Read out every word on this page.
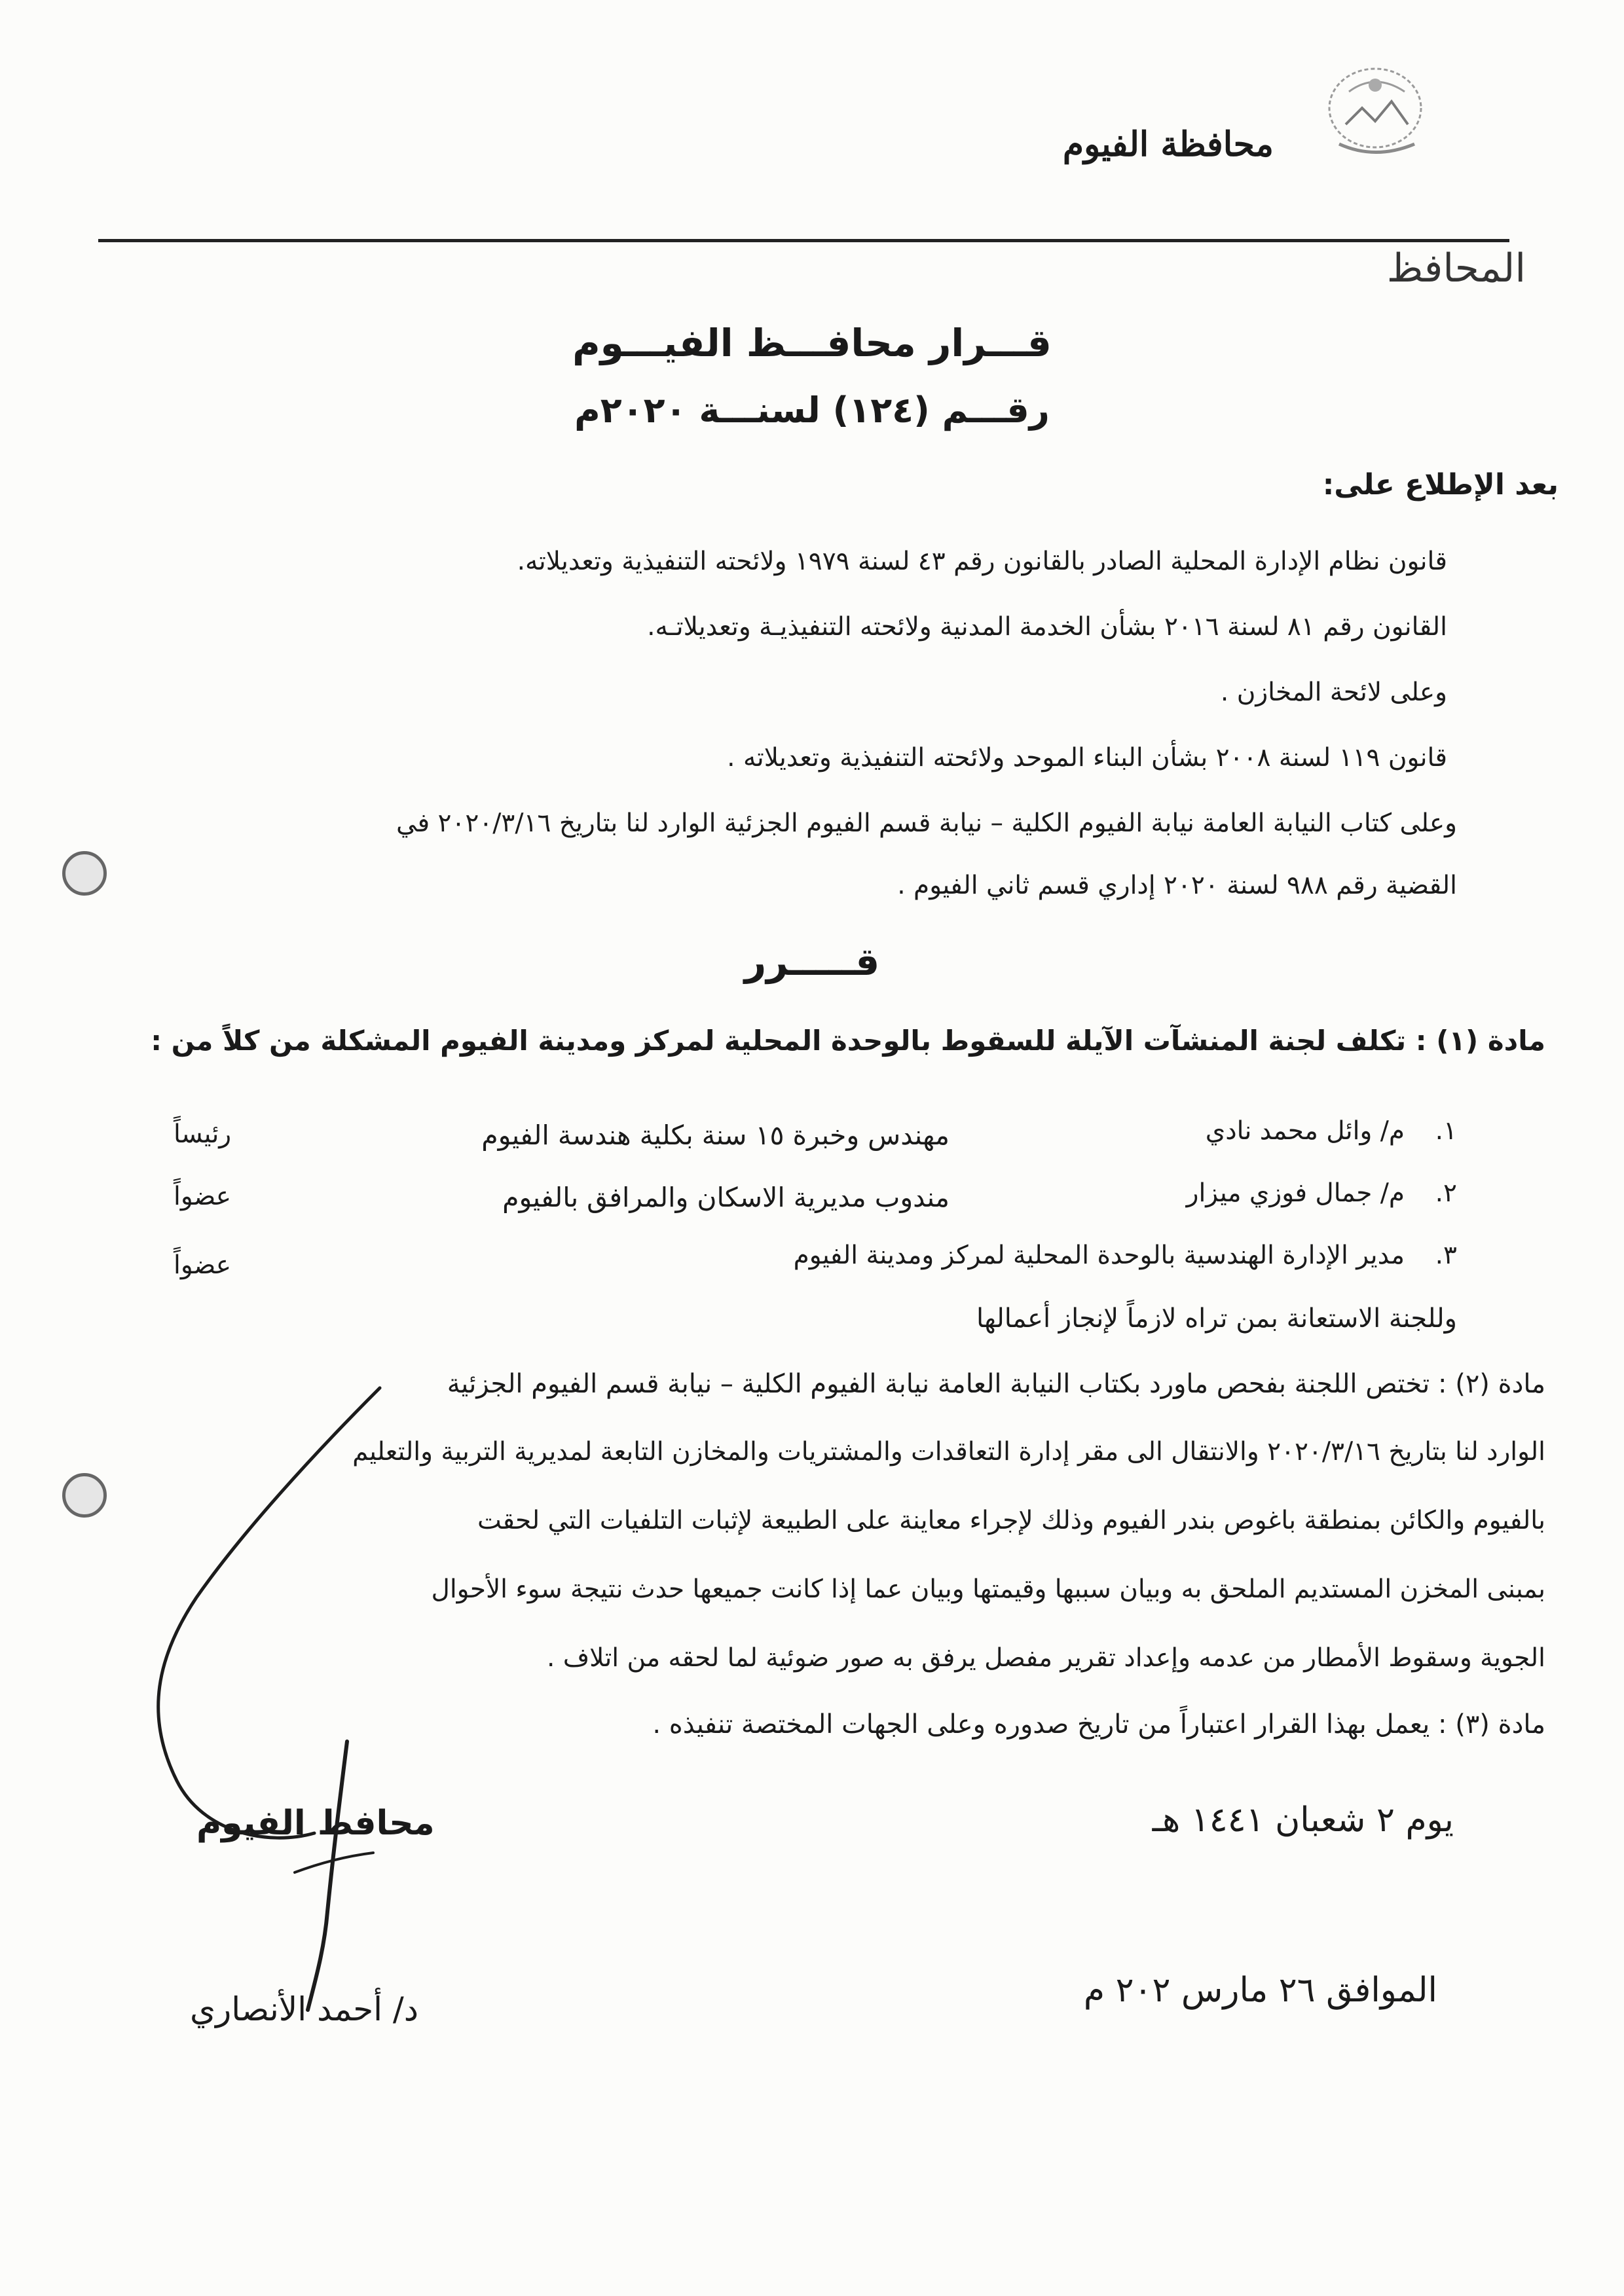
محافظة الفيوم
المحافظ
قـــرار محافـــظ الفيـــوم
رقـــم (١٢٤) لسنـــة ٢٠٢٠م
بعد الإطلاع على:
قانون نظام الإدارة المحلية الصادر بالقانون رقم ٤٣ لسنة ١٩٧٩ ولائحته التنفيذية وتعديلاته.
القانون رقم ٨١ لسنة ٢٠١٦ بشأن الخدمة المدنية ولائحته التنفيذيـة وتعديلاتـه.
وعلى لائحة المخازن .
قانون ١١٩ لسنة ٢٠٠٨ بشأن البناء الموحد ولائحته التنفيذية وتعديلاته .
وعلى كتاب النيابة العامة نيابة الفيوم الكلية – نيابة قسم الفيوم الجزئية الوارد لنا بتاريخ ٢٠٢٠/٣/١٦ في
القضية رقم ٩٨٨ لسنة ٢٠٢٠ إداري قسم ثاني الفيوم .
قـــــرر
مادة (١) : تكلف لجنة المنشآت الآيلة للسقوط بالوحدة المحلية لمركز ومدينة الفيوم المشكلة من كلاً من :
١.
م/ وائل محمد نادي
مهندس وخبرة ١٥ سنة بكلية هندسة الفيوم
رئيساً
٢.
م/ جمال فوزي ميزار
مندوب مديرية الاسكان والمرافق بالفيوم
عضواً
٣.
مدير الإدارة الهندسية بالوحدة المحلية لمركز ومدينة الفيوم
عضواً
وللجنة الاستعانة بمن تراه لازماً لإنجاز أعمالها
مادة (٢) : تختص اللجنة بفحص ماورد بكتاب النيابة العامة نيابة الفيوم الكلية – نيابة قسم الفيوم الجزئية
الوارد لنا بتاريخ ٢٠٢٠/٣/١٦ والانتقال الى مقر إدارة التعاقدات والمشتريات والمخازن التابعة لمديرية التربية والتعليم
بالفيوم والكائن بمنطقة باغوص بندر الفيوم وذلك لإجراء معاينة على الطبيعة لإثبات التلفيات التي لحقت
بمبنى المخزن المستديم الملحق به وبيان سببها وقيمتها وبيان عما إذا كانت جميعها حدث نتيجة سوء الأحوال
الجوية وسقوط الأمطار من عدمه وإعداد تقرير مفصل يرفق به صور ضوئية لما لحقه من اتلاف .
مادة (٣) : يعمل بهذا القرار اعتباراً من تاريخ صدوره وعلى الجهات المختصة تنفيذه .
يوم ٢ شعبان ١٤٤١ هـ
الموافق ٢٦ مارس ٢٠٢ م
محافظ الفيوم
د/ أحمد الأنصاري
